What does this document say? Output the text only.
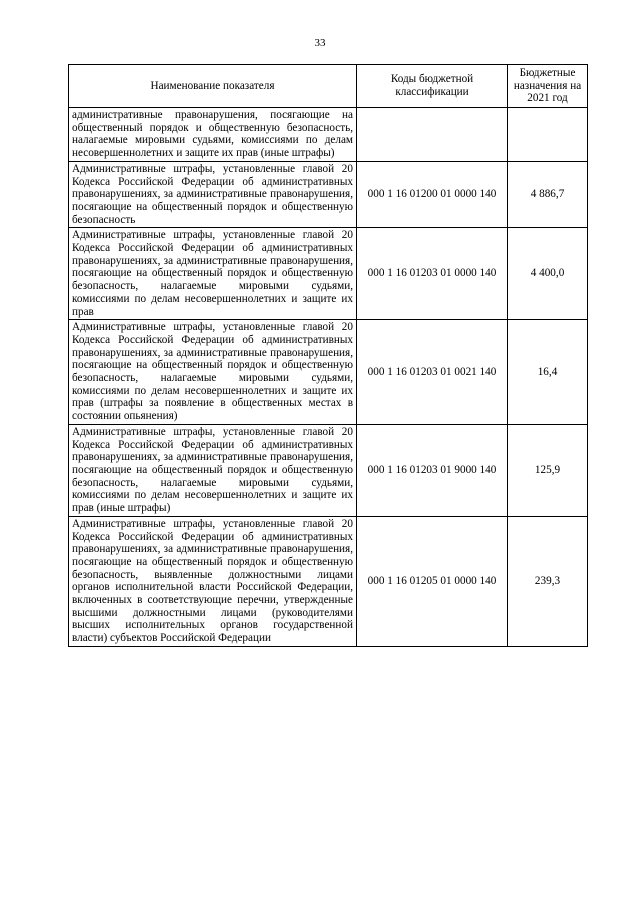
33
Наименование показателя	Коды бюджетной классификации	Бюджетные назначения на 2021 год
административные правонарушения, посягающие на общественный порядок и общественную безопасность, налагаемые мировыми судьями, комиссиями по делам несовершеннолетних и защите их прав (иные штрафы)		
Административные штрафы, установленные главой 20 Кодекса Российской Федерации об административных правонарушениях, за административные правонарушения, посягающие на общественный порядок и общественную безопасность	000 1 16 01200 01 0000 140	4 886,7
Административные штрафы, установленные главой 20 Кодекса Российской Федерации об административных правонарушениях, за административные правонарушения, посягающие на общественный порядок и общественную безопасность, налагаемые мировыми судьями, комиссиями по делам несовершеннолетних и защите их прав	000 1 16 01203 01 0000 140	4 400,0
Административные штрафы, установленные главой 20 Кодекса Российской Федерации об административных правонарушениях, за административные правонарушения, посягающие на общественный порядок и общественную безопасность, налагаемые мировыми судьями, комиссиями по делам несовершеннолетних и защите их прав (штрафы за появление в общественных местах в состоянии опьянения)	000 1 16 01203 01 0021 140	16,4
Административные штрафы, установленные главой 20 Кодекса Российской Федерации об административных правонарушениях, за административные правонарушения, посягающие на общественный порядок и общественную безопасность, налагаемые мировыми судьями, комиссиями по делам несовершеннолетних и защите их прав (иные штрафы)	000 1 16 01203 01 9000 140	125,9
Административные штрафы, установленные главой 20 Кодекса Российской Федерации об административных правонарушениях, за административные правонарушения, посягающие на общественный порядок и общественную безопасность, выявленные должностными лицами органов исполнительной власти Российской Федерации, включенных в соответствующие перечни, утвержденные высшими должностными лицами (руководителями высших исполнительных органов государственной власти) субъектов Российской Федерации	000 1 16 01205 01 0000 140	239,3
